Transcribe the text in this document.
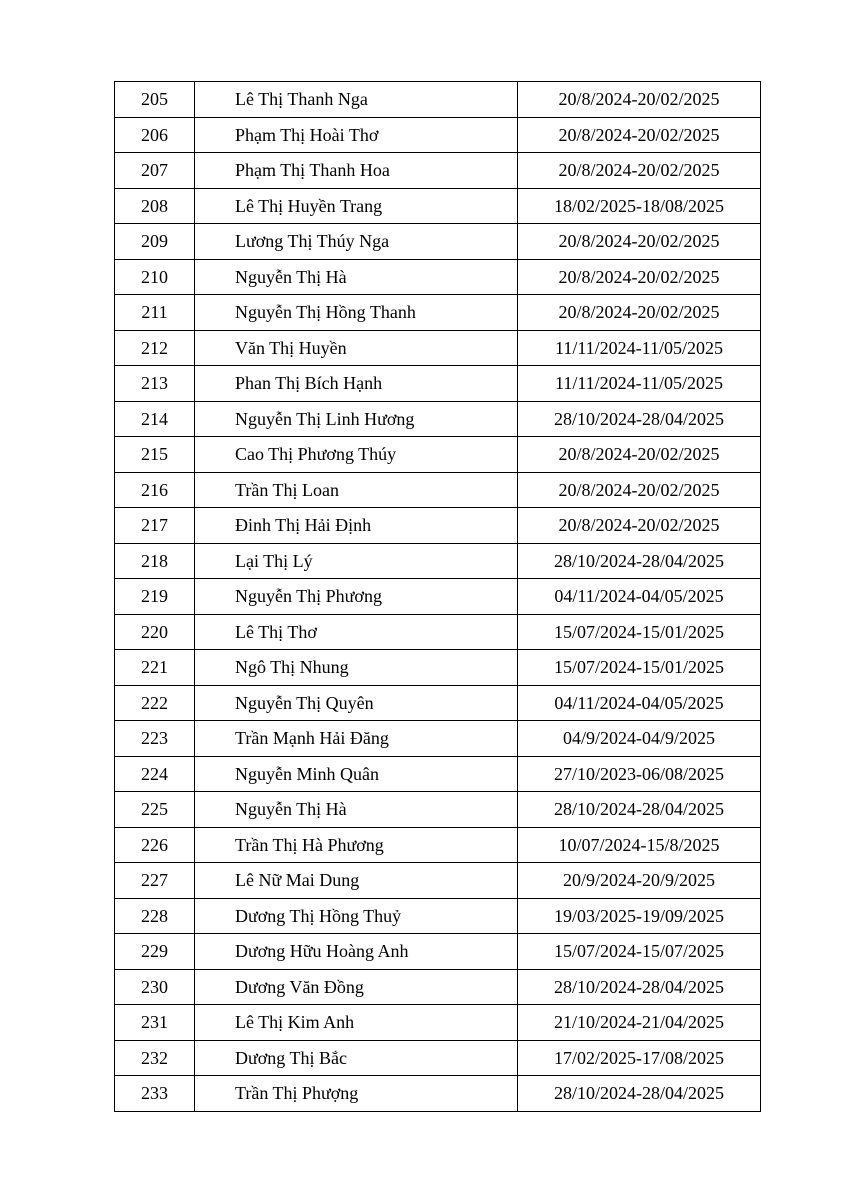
205	Lê Thị Thanh Nga	20/8/2024-20/02/2025
206	Phạm Thị Hoài Thơ	20/8/2024-20/02/2025
207	Phạm Thị Thanh Hoa	20/8/2024-20/02/2025
208	Lê Thị Huyền Trang	18/02/2025-18/08/2025
209	Lương Thị Thúy Nga	20/8/2024-20/02/2025
210	Nguyễn Thị Hà	20/8/2024-20/02/2025
211	Nguyễn Thị Hồng Thanh	20/8/2024-20/02/2025
212	Văn Thị Huyền	11/11/2024-11/05/2025
213	Phan Thị Bích Hạnh	11/11/2024-11/05/2025
214	Nguyễn Thị Linh Hương	28/10/2024-28/04/2025
215	Cao Thị Phương Thúy	20/8/2024-20/02/2025
216	Trần Thị Loan	20/8/2024-20/02/2025
217	Đinh Thị Hải Định	20/8/2024-20/02/2025
218	Lại Thị Lý	28/10/2024-28/04/2025
219	Nguyễn Thị Phương	04/11/2024-04/05/2025
220	Lê Thị Thơ	15/07/2024-15/01/2025
221	Ngô Thị Nhung	15/07/2024-15/01/2025
222	Nguyễn Thị Quyên	04/11/2024-04/05/2025
223	Trần Mạnh Hải Đăng	04/9/2024-04/9/2025
224	Nguyễn Minh Quân	27/10/2023-06/08/2025
225	Nguyễn Thị Hà	28/10/2024-28/04/2025
226	Trần Thị Hà Phương	10/07/2024-15/8/2025
227	Lê Nữ Mai Dung	20/9/2024-20/9/2025
228	Dương Thị Hồng Thuỷ	19/03/2025-19/09/2025
229	Dương Hữu Hoàng Anh	15/07/2024-15/07/2025
230	Dương Văn Đồng	28/10/2024-28/04/2025
231	Lê Thị Kim Anh	21/10/2024-21/04/2025
232	Dương Thị Bắc	17/02/2025-17/08/2025
233	Trần Thị Phượng	28/10/2024-28/04/2025
